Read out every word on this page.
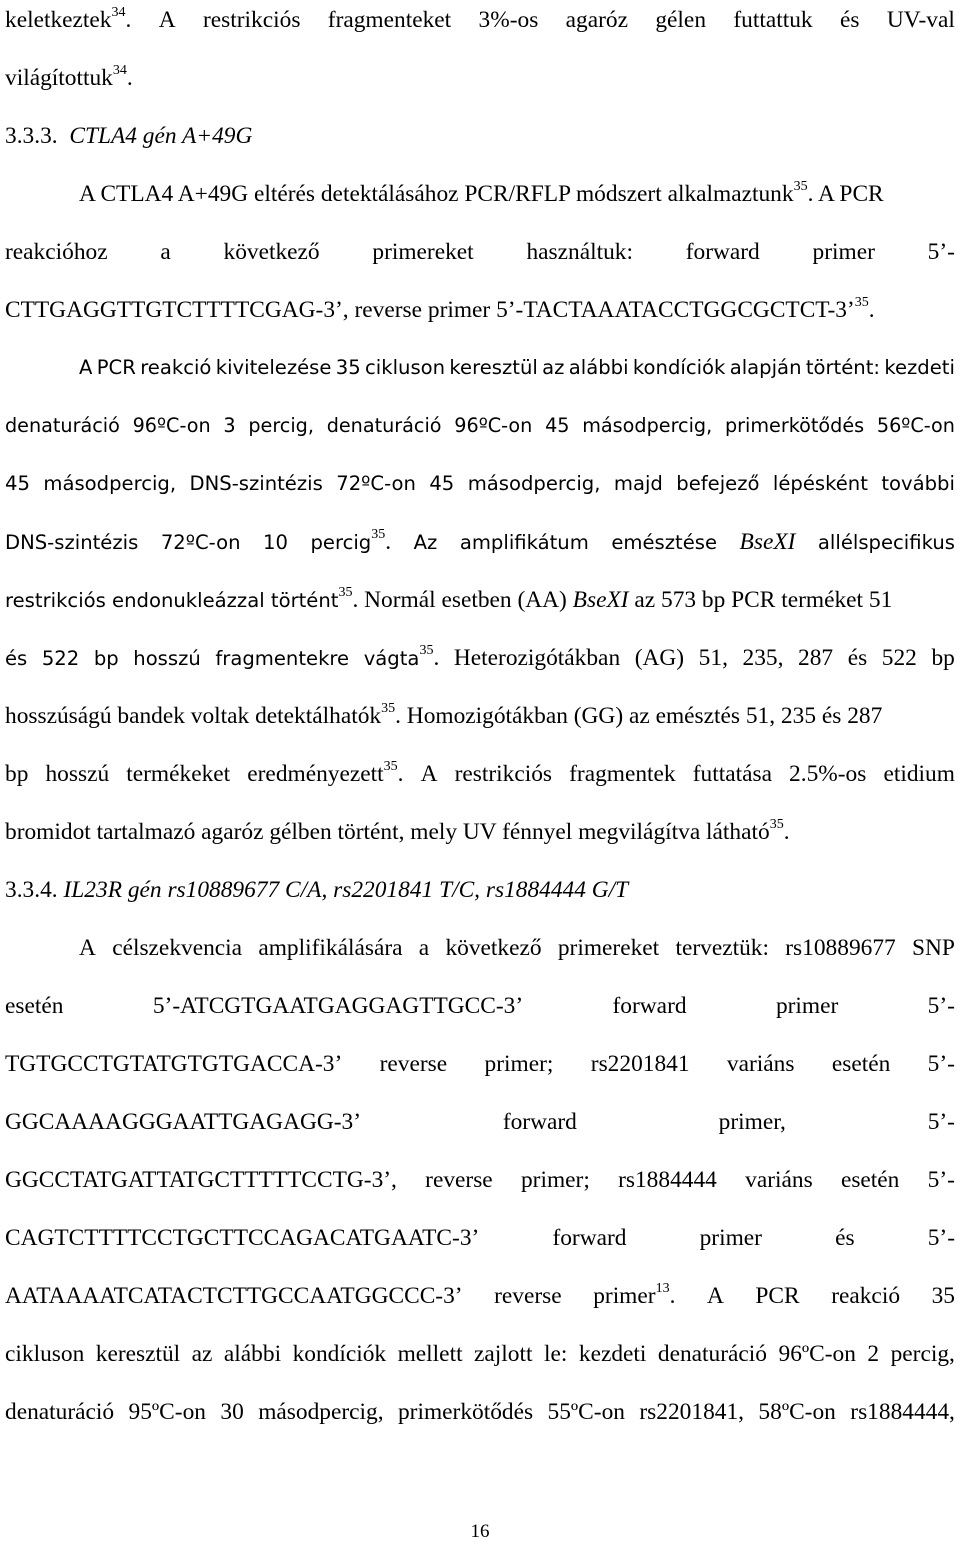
keletkeztek$^{34}$. A restrikciós fragmenteket 3%-os agaróz gélen futtattuk és UV-val
világítottuk$^{34}$.
3.3.3. CTLA4 gén A+49G
A CTLA4 A+49G eltérés detektálásához PCR/RFLP módszert alkalmaztunk$^{35}$. A PCR
reakcióhoz a következő primereket használtuk: forward primer 5’-
CTTGAGGTTGTCTTTTCGAG-3’, reverse primer 5’-TACTAAATACCTGGCGCTCT-3’$^{35}$.
A PCR reakció kivitelezése 35 cikluson keresztül az alábbi kondíciók alapján történt: kezdeti
denaturáció 96ºC-on 3 percig, denaturáció 96ºC-on 45 másodpercig, primerkötődés 56ºC-on
45 másodpercig, DNS-szintézis 72ºC-on 45 másodpercig, majd befejező lépésként további
DNS-szintézis 72ºC-on 10 percig$^{35}$. Az amplifikátum emésztése BseXI allélspecifikus
restrikciós endonukleázzal történt$^{35}$. Normál esetben (AA) BseXI az 573 bp PCR terméket 51
és 522 bp hosszú fragmentekre vágta$^{35}$. Heterozigótákban (AG) 51, 235, 287 és 522 bp
hosszúságú bandek voltak detektálhatók$^{35}$. Homozigótákban (GG) az emésztés 51, 235 és 287
bp hosszú termékeket eredményezett$^{35}$. A restrikciós fragmentek futtatása 2.5%-os etidium
bromidot tartalmazó agaróz gélben történt, mely UV fénnyel megvilágítva látható$^{35}$.
3.3.4. IL23R gén rs10889677 C/A, rs2201841 T/C, rs1884444 G/T
A célszekvencia amplifikálására a következő primereket terveztük: rs10889677 SNP
esetén	5’-ATCGTGAATGAGGAGTTGCC-3’	forward	primer	5’-
TGTGCCTGTATGTGTGACCA-3’ reverse primer; rs2201841 variáns esetén 5’-
GGCAAAAGGGAATTGAGAGG-3’	forward	primer,	5’-
GGCCTATGATTATGCTTTTTCCTG-3’, reverse primer; rs1884444 variáns esetén 5’-
CAGTCTTTTCCTGCTTCCAGACATGAATC-3’	forward	primer	és	5’-
AATAAAATCATACTCTTGCCAATGGCCC-3’ reverse primer$^{13}$. A PCR reakció 35
cikluson keresztül az alábbi kondíciók mellett zajlott le: kezdeti denaturáció 96ºC-on 2 percig,
denaturáció 95ºC-on 30 másodpercig, primerkötődés 55ºC-on rs2201841, 58ºC-on rs1884444,
16
